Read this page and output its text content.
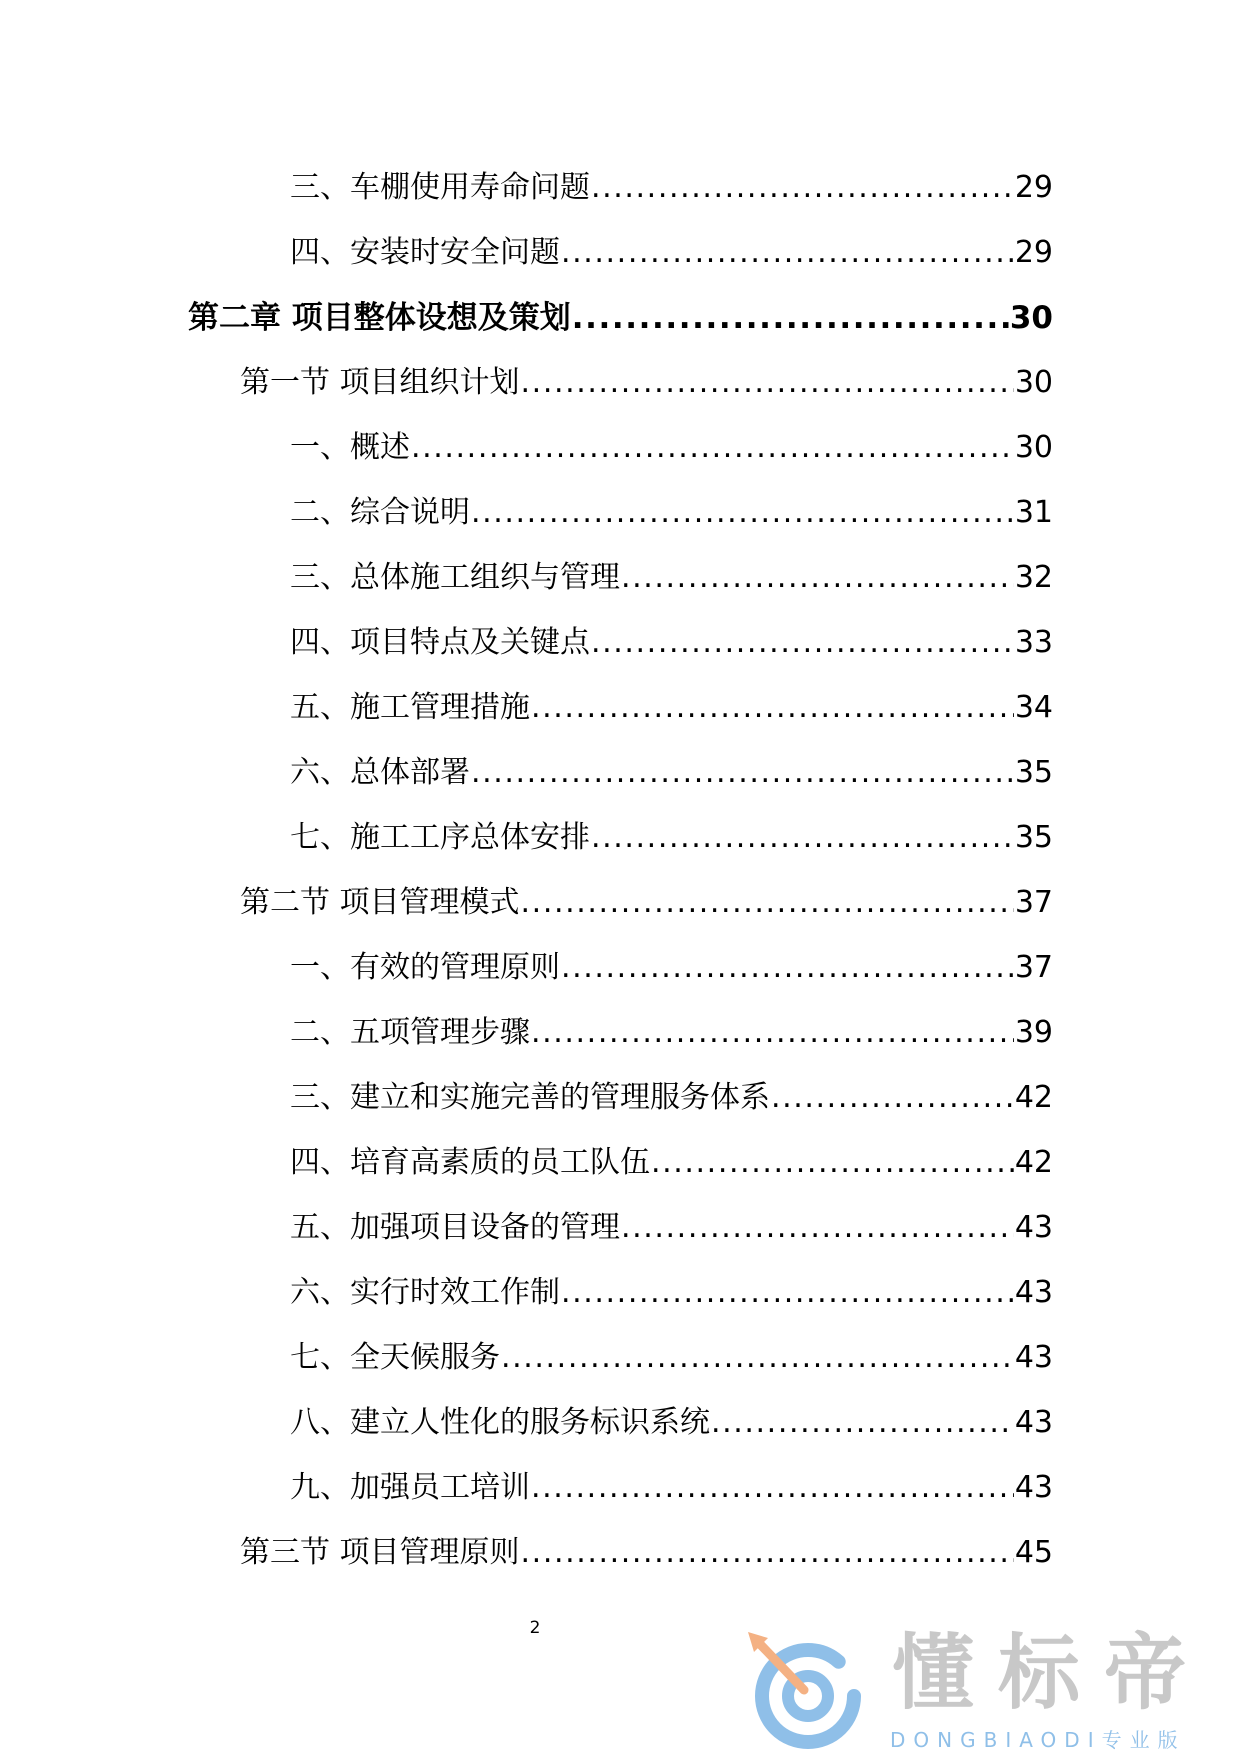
三、车棚使用寿命问题 .....	29
四、安装时安全问题 .....	29
第二章 项目整体设想及策划 .....	30
第一节 项目组织计划 .....	30
一、概述 .....	30
二、综合说明 .....	31
三、总体施工组织与管理 .....	32
四、项目特点及关键点 .....	33
五、施工管理措施 .....	34
六、总体部署 .....	35
七、施工工序总体安排 .....	35
第二节 项目管理模式 .....	37
一、有效的管理原则 .....	37
二、五项管理步骤 .....	39
三、建立和实施完善的管理服务体系 .....	42
四、培育高素质的员工队伍 .....	42
五、加强项目设备的管理 .....	43
六、实行时效工作制 .....	43
七、全天候服务 .....	43
八、建立人性化的服务标识系统 .....	43
九、加强员工培训 .....	43
第三节 项目管理原则 .....	45
2	懂标帝
DONGBIAODI专业版
